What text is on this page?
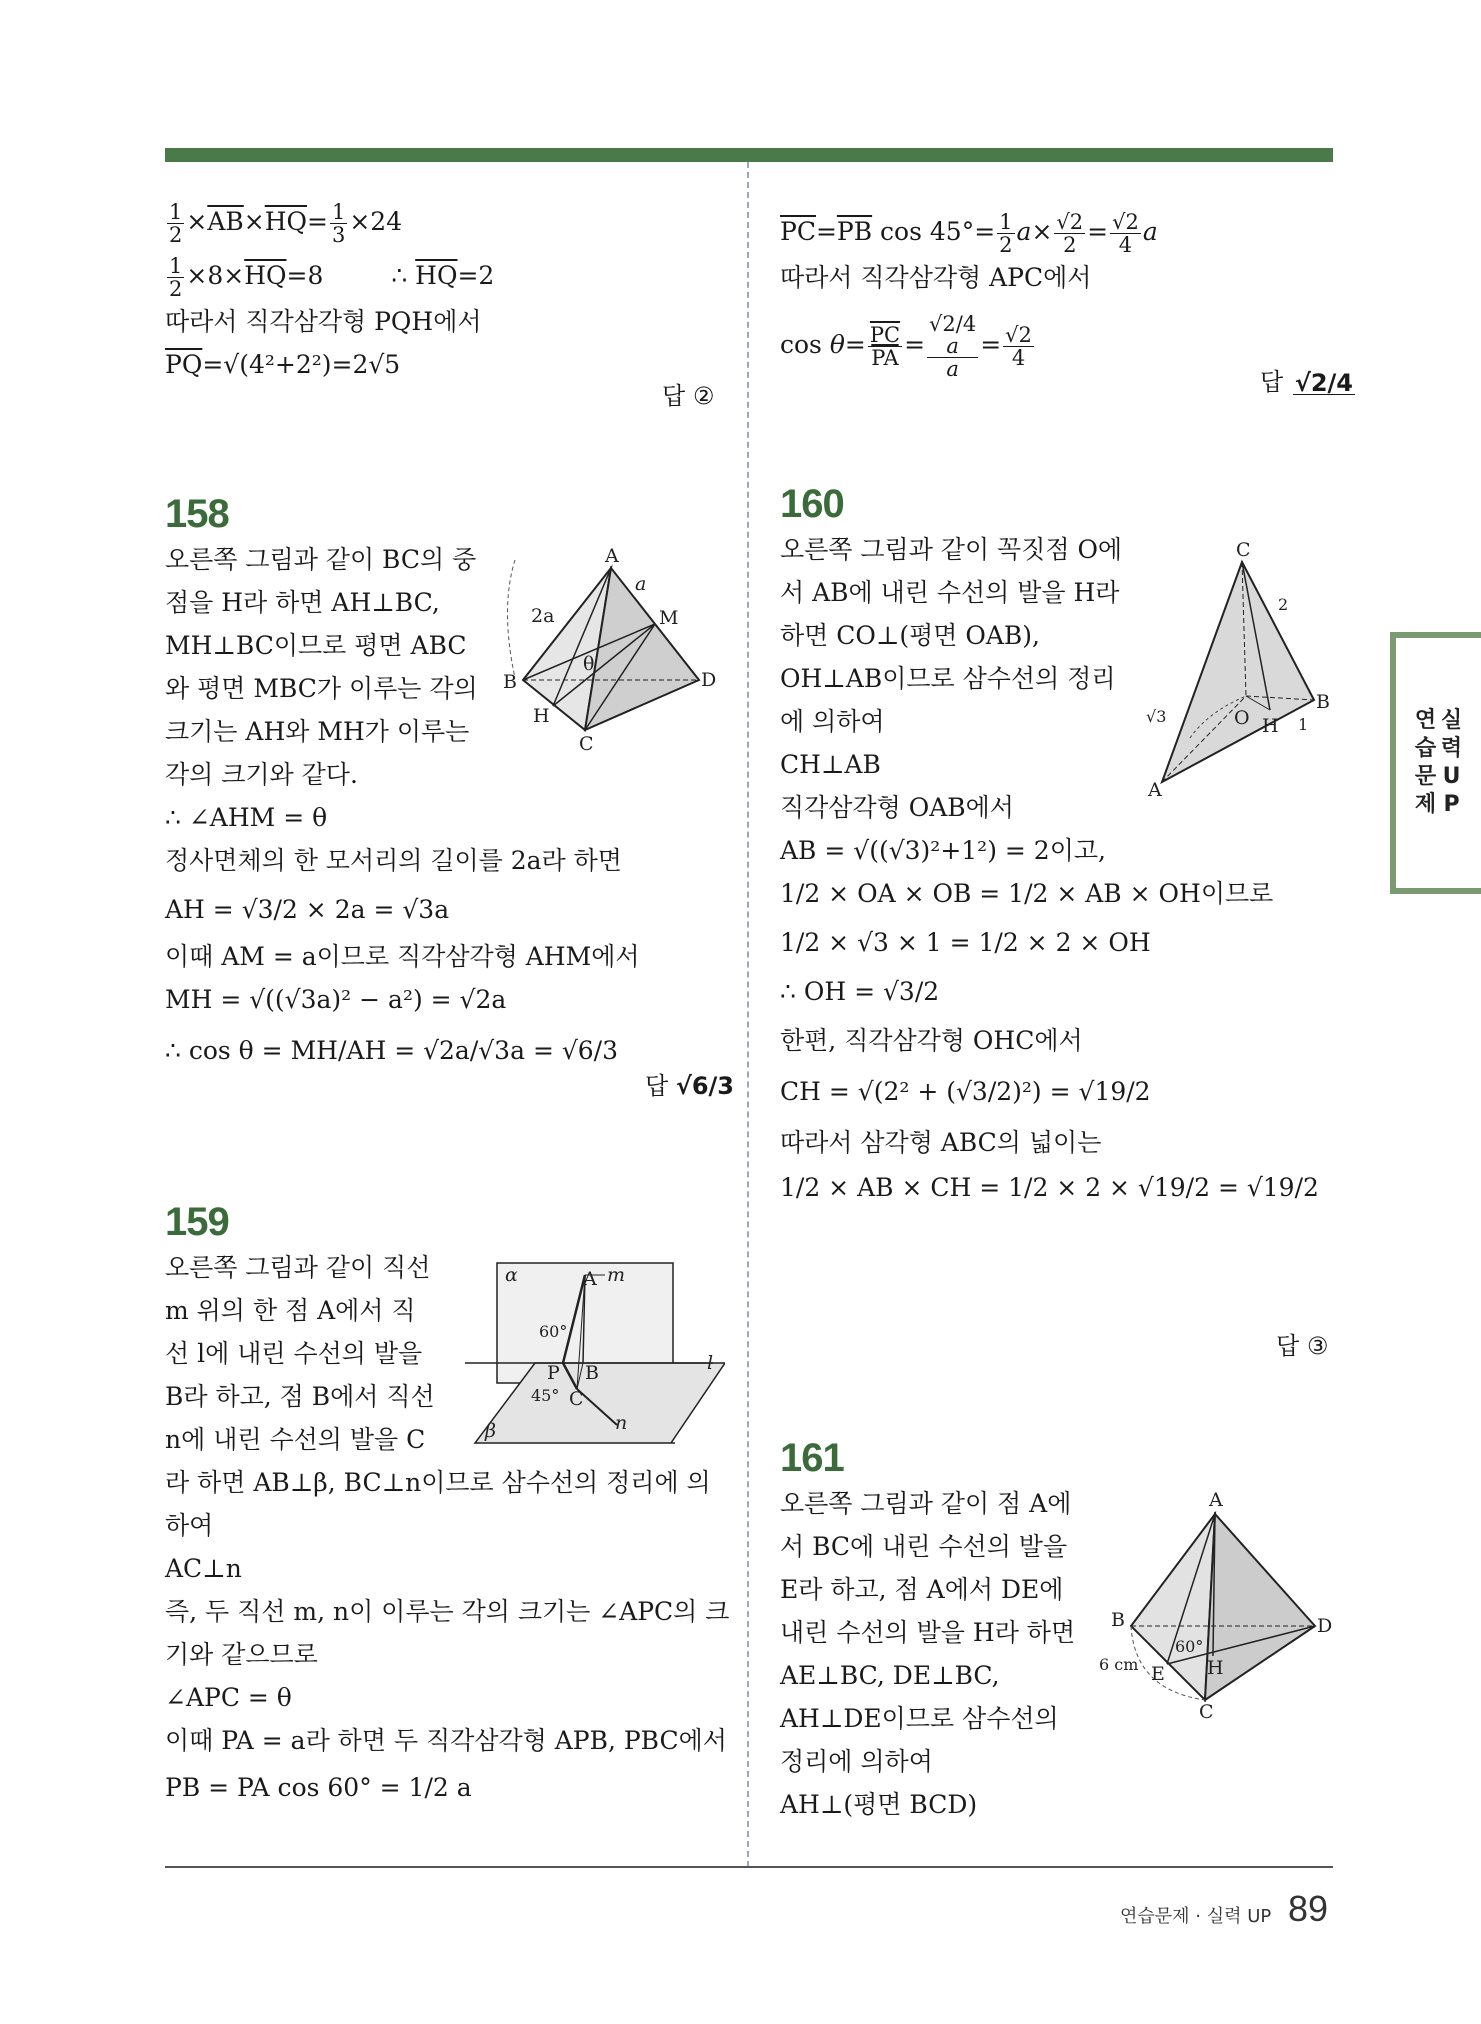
$\frac{1}{2} \times\overline{AB}\times\overline{HQ}= \frac{1}{3} \times 24$

$\frac{1}{2} \times 8\times\overline{HQ}=8$ ∴ $\overline{HQ}=2$

따라서 직각삼각형 PQH에서

$\overline{PQ}=√(4^2+2^2)=2√5$

답 ②

$\overline{PC}=\overline{PB}$ $\cos 45^\circ= \frac{1}{2} a\times \frac{√2}{2} = \frac{√2}{4}$ a

따라서 직각삼각형 APC에서

$\cos \theta= \frac{\overline{PC}}{PA} = √2/4$
a
$a = \frac{√2}{4}$

답 √2/4

158

오른쪽 그림과 같이 BC의 중

점을 H라 하면 AH⊥BC,

MH⊥BC이므로 평면 ABC

와 평면 MBC가 이루는 각의

크기는 AH와 MH가 이루는

각의 크기와 같다.

∴ ∠AHM = θ

정사면체의 한 모서리의 길이를 2a라 하면

AH = √3/2 × 2a = √3a

이때 AM = a이므로 직각삼각형 AHM에서

MH = √((√3a)² − a²) = √2a

∴ cos θ = MH/AH = √2a/√3a = √6/3

답 √6/3
A
B
C
D
M
H
a
2a
θ

159

오른쪽 그림과 같이 직선

m 위의 한 점 A에서 직

선 l에 내린 수선의 발을

B라 하고, 점 B에서 직선

n에 내린 수선의 발을 C

라 하면 AB⊥β, BC⊥n이므로 삼수선의 정리에 의

하여

AC⊥n

즉, 두 직선 m, n이 이루는 각의 크기는 ∠APC의 크

기와 같으므로

∠APC = θ

이때 PA = a라 하면 두 직각삼각형 APB, PBC에서

PB = PA cos 60° = 1/2 a

α
β
A m
P B
C
l
n
60°
45°

160

오른쪽 그림과 같이 꼭짓점 O에

서 AB에 내린 수선의 발을 H라

하면 CO⊥(평면 OAB),

OH⊥AB이므로 삼수선의 정리

에 의하여

CH⊥AB

직각삼각형 OAB에서

AB = √((√3)²+1²) = 2이고,

1/2 × OA × OB = 1/2 × AB × OH이므로

1/2 × √3 × 1 = 1/2 × 2 × OH

∴ OH = √3/2

한편, 직각삼각형 OHC에서

CH = √(2² + (√3/2)²) = √19/2

따라서 삼각형 ABC의 넓이는

1/2 × AB × CH = 1/2 × 2 × √19/2 = √19/2

답 ③
C
O H
A
B
2
1
√3

161

오른쪽 그림과 같이 점 A에

서 BC에 내린 수선의 발을

E라 하고, 점 A에서 DE에

내린 수선의 발을 H라 하면

AE⊥BC, DE⊥BC,

AH⊥DE이므로 삼수선의

정리에 의하여

AH⊥(평면 BCD)

A
B
C
D
E H
60°
6 cm
연습문제
실력UP
연습문제 · 실력 UP 89
